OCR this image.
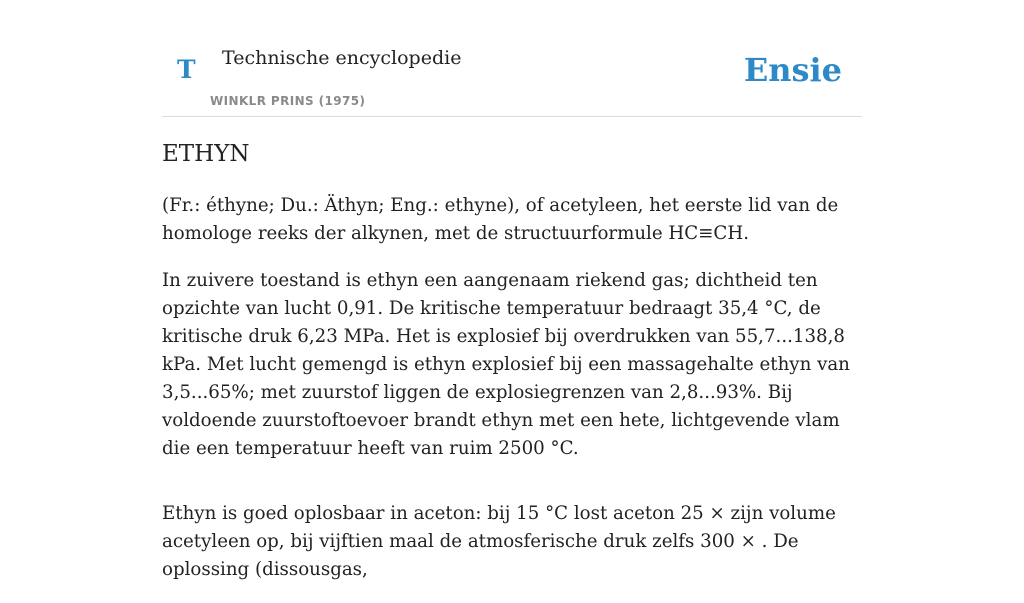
T Technische encyclopedie
WINKLR PRINS (1975)
Ensie
ETHYN

(Fr.: éthyne; Du.: Äthyn; Eng.: ethyne), of acetyleen, het eerste lid van de homologe reeks der alkynen, met de structuurformule HC≡CH.

In zuivere toestand is ethyn een aangenaam riekend gas; dichtheid ten opzichte van lucht 0,91. De kritische temperatuur bedraagt 35,4 °C, de kritische druk 6,23 MPa. Het is explosief bij overdrukken van 55,7...138,8 kPa. Met lucht gemengd is ethyn explosief bij een massagehalte ethyn van 3,5...65%; met zuurstof liggen de explosiegrenzen van 2,8...93%. Bij voldoende zuurstoftoevoer brandt ethyn met een hete, lichtgevende vlam die een temperatuur heeft van ruim 2500 °C.

Ethyn is goed oplosbaar in aceton: bij 15 °C lost aceton 25 × zijn volume acetyleen op, bij vijftien maal de atmosferische druk zelfs 300 × . De oplossing (dissousgas,
